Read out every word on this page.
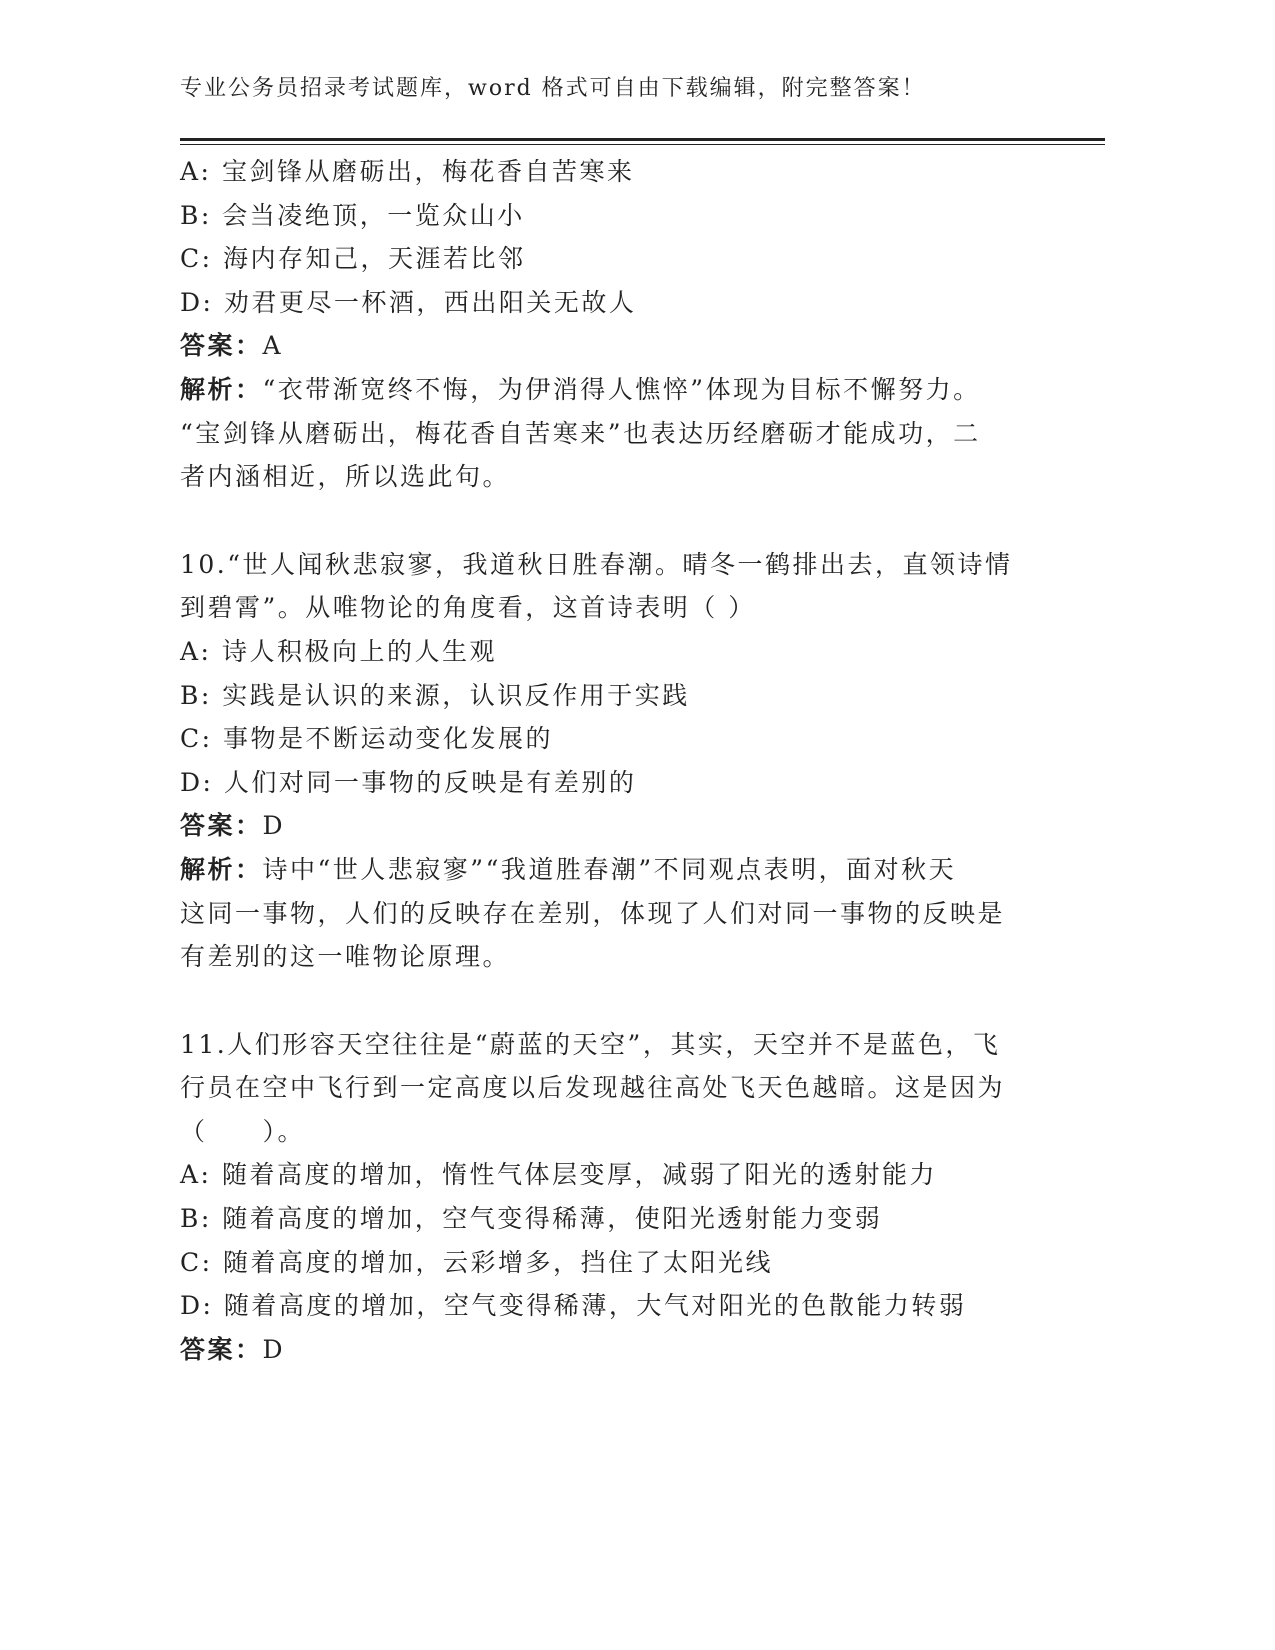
专业公务员招录考试题库，word 格式可自由下载编辑，附完整答案！
A: 宝剑锋从磨砺出，梅花香自苦寒来
B: 会当凌绝顶，一览众山小
C: 海内存知己，天涯若比邻
D: 劝君更尽一杯酒，西出阳关无故人
答案：A
解析：“衣带渐宽终不悔，为伊消得人憔悴”体现为目标不懈努力。
“宝剑锋从磨砺出，梅花香自苦寒来”也表达历经磨砺才能成功，二
者内涵相近，所以选此句。
10.“世人闻秋悲寂寥，我道秋日胜春潮。晴冬一鹤排出去，直领诗情
到碧霄”。从唯物论的角度看，这首诗表明（ ）
A: 诗人积极向上的人生观
B: 实践是认识的来源，认识反作用于实践
C: 事物是不断运动变化发展的
D: 人们对同一事物的反映是有差别的
答案：D
解析：诗中“世人悲寂寥”“我道胜春潮”不同观点表明，面对秋天
这同一事物，人们的反映存在差别，体现了人们对同一事物的反映是
有差别的这一唯物论原理。
11.人们形容天空往往是“蔚蓝的天空”，其实，天空并不是蓝色，飞
行员在空中飞行到一定高度以后发现越往高处飞天色越暗。这是因为
（　　）。
A: 随着高度的增加，惰性气体层变厚，减弱了阳光的透射能力
B: 随着高度的增加，空气变得稀薄，使阳光透射能力变弱
C: 随着高度的增加，云彩增多，挡住了太阳光线
D: 随着高度的增加，空气变得稀薄，大气对阳光的色散能力转弱
答案：D
